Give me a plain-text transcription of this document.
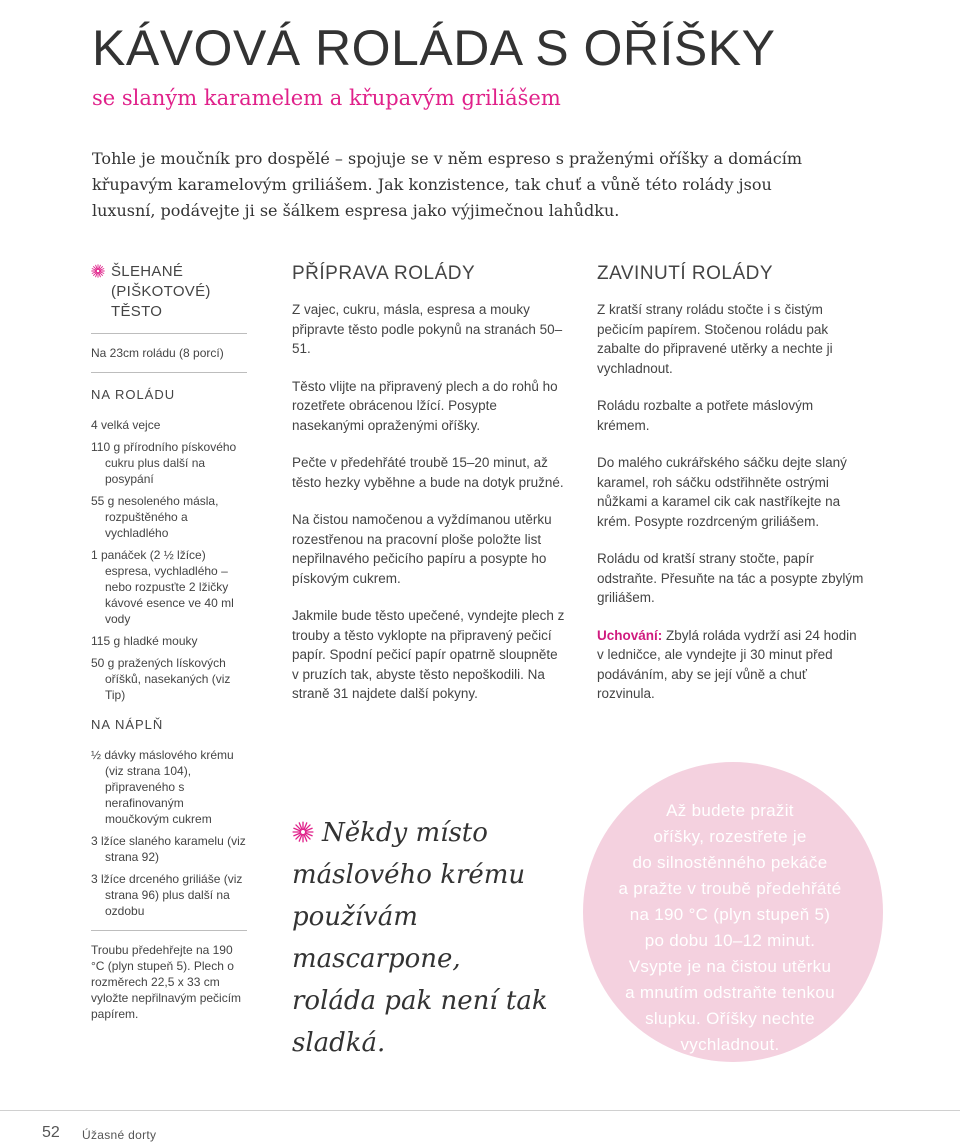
KÁVOVÁ ROLÁDA S OŘÍŠKY
se slaným karamelem a křupavým griliášem

Tohle je moučník pro dospělé – spojuje se v něm espreso s praženými oříšky a domácím

křupavým karamelovým griliášem. Jak konzistence, tak chuť a vůně této rolády jsou

luxusní, podávejte ji se šálkem espresa jako výjimečnou lahůdku.

ŠLEHANÉ
(PIŠKOTOVÉ)
TĚSTO
Na 23cm roládu (8 porcí)
NA ROLÁDU
4 velká vejce
110 g přírodního pískového cukru plus další na posypání
55 g nesoleného másla, rozpuštěného a vychladlého
1 panáček (2 ½ lžíce) espresa, vychladlého – nebo rozpusťte 2 lžičky kávové esence ve 40 ml vody
115 g hladké mouky
50 g pražených lískových oříšků, nasekaných (viz Tip)
NA NÁPLŇ
½ dávky máslového krému (viz strana 104), připraveného s nerafinovaným moučkovým cukrem
3 lžíce slaného karamelu (viz strana 92)
3 lžíce drceného griliáše (viz strana 96) plus další na ozdobu

Troubu předehřejte na 190 °C (plyn stupeň 5). Plech o rozměrech 22,5 x 33 cm vyložte nepřilnavým pečicím papírem.

PŘÍPRAVA ROLÁDY

Z vajec, cukru, másla, espresa a mouky připravte těsto podle pokynů na stranách 50–51.

Těsto vlijte na připravený plech a do rohů ho rozetřete obrácenou lžící. Posypte nasekanými opraženými oříšky.

Pečte v předehřáté troubě 15–20 minut, až těsto hezky vyběhne a bude na dotyk pružné.

Na čistou namočenou a vyždímanou utěrku rozestřenou na pracovní ploše položte list nepřilnavého pečicího papíru a posypte ho pískovým cukrem.

Jakmile bude těsto upečené, vyndejte plech z trouby a těsto vyklopte na připravený pečicí papír. Spodní pečicí papír opatrně sloupněte v pruzích tak, abyste těsto nepoškodili. Na straně 31 najdete další pokyny.

ZAVINUTÍ ROLÁDY

Z kratší strany roládu stočte i s čistým pečicím papírem. Stočenou roládu pak zabalte do připravené utěrky a nechte ji vychladnout.

Roládu rozbalte a potřete máslovým krémem.

Do malého cukrářského sáčku dejte slaný karamel, roh sáčku odstřihněte ostrými nůžkami a karamel cik cak nastříkejte na krém. Posypte rozdrceným griliášem.

Roládu od kratší strany stočte, papír odstraňte. Přesuňte na tác a posypte zbylým griliášem.

Uchování: Zbylá roláda vydrží asi 24 hodin v ledničce, ale vyndejte ji 30 minut před podáváním, aby se její vůně a chuť rozvinula.

Někdy místo
máslového krému
používám mascarpone,
roláda pak není tak
sladká.
Až budete pražit
oříšky, rozestřete je
do silnostěnného pekáče
a pražte v troubě předehřáté
na 190 °C (plyn stupeň 5)
po dobu 10–12 minut.
Vsypte je na čistou utěrku
a mnutím odstraňte tenkou
slupku. Oříšky nechte
vychladnout.
52 Úžasné dorty
